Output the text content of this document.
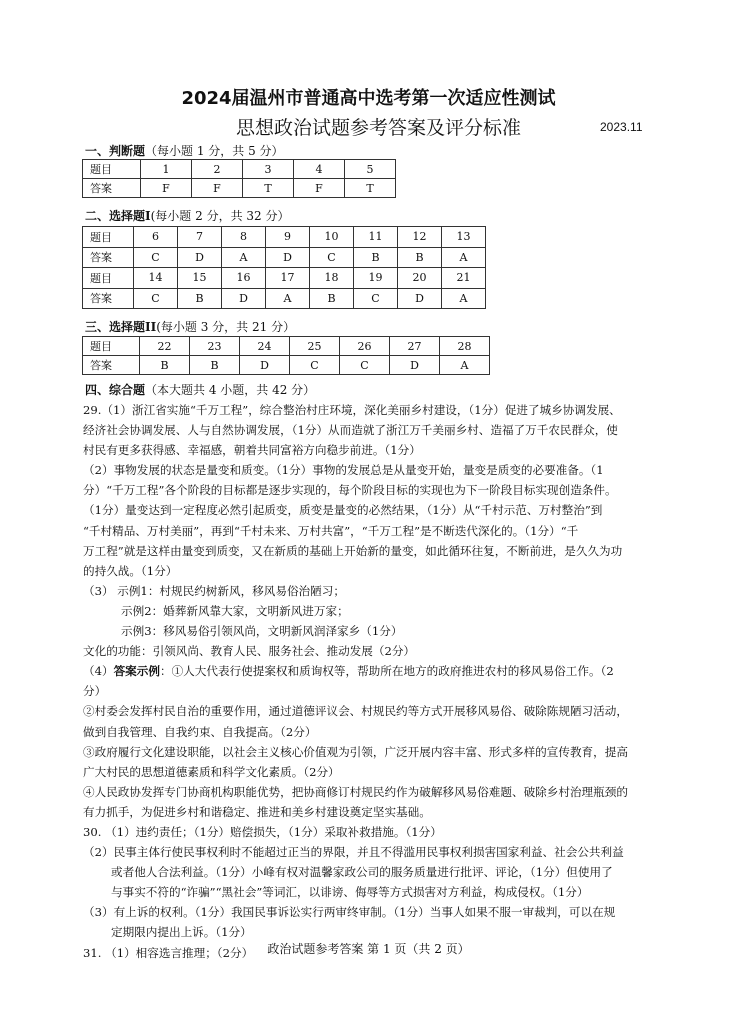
2024届温州市普通高中选考第一次适应性测试
思想政治试题参考答案及评分标准	2023.11
一、判断题（每小题 1 分，共 5 分）
题目	1	2	3	4	5
答案	F	F	T	F	T
二、选择题I(每小题 2 分，共 32 分）
题目	6	7	8	9	10	11	12	13
答案	C	D	A	D	C	B	B	A
题目	14	15	16	17	18	19	20	21
答案	C	B	D	A	B	C	D	A
三、选择题II(每小题 3 分，共 21 分）
题目	22	23	24	25	26	27	28
答案	B	B	D	C	C	D	A
四、综合题（本大题共 4 小题，共 42 分）
29.（1）浙江省实施“千万工程”，综合整治村庄环境，深化美丽乡村建设，（1分）促进了城乡协调发展、
经济社会协调发展、人与自然协调发展，（1分）从而造就了浙江万千美丽乡村、造福了万千农民群众，使
村民有更多获得感、幸福感，朝着共同富裕方向稳步前进。（1分）
（2）事物发展的状态是量变和质变。（1分）事物的发展总是从量变开始，量变是质变的必要准备。（1
分）“千万工程”各个阶段的目标都是逐步实现的，每个阶段目标的实现也为下一阶段目标实现创造条件。
（1分）量变达到一定程度必然引起质变，质变是量变的必然结果，（1分）从“千村示范、万村整治”到
“千村精品、万村美丽”，再到“千村未来、万村共富”，“千万工程”是不断迭代深化的。（1分）“千
万工程”就是这样由量变到质变，又在新质的基础上开始新的量变，如此循环往复，不断前进，是久久为功
的持久战。（1分）
（3） 示例1：村规民约树新风，移风易俗治陋习；
示例2：婚葬新风靠大家，文明新风进万家；
示例3：移风易俗引领风尚，文明新风润泽家乡（1分）
文化的功能：引领风尚、教育人民、服务社会、推动发展（2分）
（4）答案示例：①人大代表行使提案权和质询权等，帮助所在地方的政府推进农村的移风易俗工作。（2
分）
②村委会发挥村民自治的重要作用，通过道德评议会、村规民约等方式开展移风易俗、破除陈规陋习活动，
做到自我管理、自我约束、自我提高。（2分）
③政府履行文化建设职能，以社会主义核心价值观为引领，广泛开展内容丰富、形式多样的宣传教育，提高
广大村民的思想道德素质和科学文化素质。（2分）
④人民政协发挥专门协商机构职能优势，把协商修订村规民约作为破解移风易俗难题、破除乡村治理瓶颈的
有力抓手，为促进乡村和谐稳定、推进和美乡村建设奠定坚实基础。
30. （1）违约责任；（1分）赔偿损失，（1分）采取补救措施。（1分）
（2）民事主体行使民事权利时不能超过正当的界限，并且不得滥用民事权利损害国家利益、社会公共利益
或者他人合法利益。（1分）小峰有权对温馨家政公司的服务质量进行批评、评论，（1分）但使用了
与事实不符的“诈骗”“黑社会”等词汇，以诽谤、侮辱等方式损害对方利益，构成侵权。（1分）
（3）有上诉的权利。（1分）我国民事诉讼实行两审终审制。（1分）当事人如果不服一审裁判，可以在规
定期限内提出上诉。（1分）
31. （1）相容选言推理；（2分）	政治试题参考答案 第 1 页（共 2 页）
